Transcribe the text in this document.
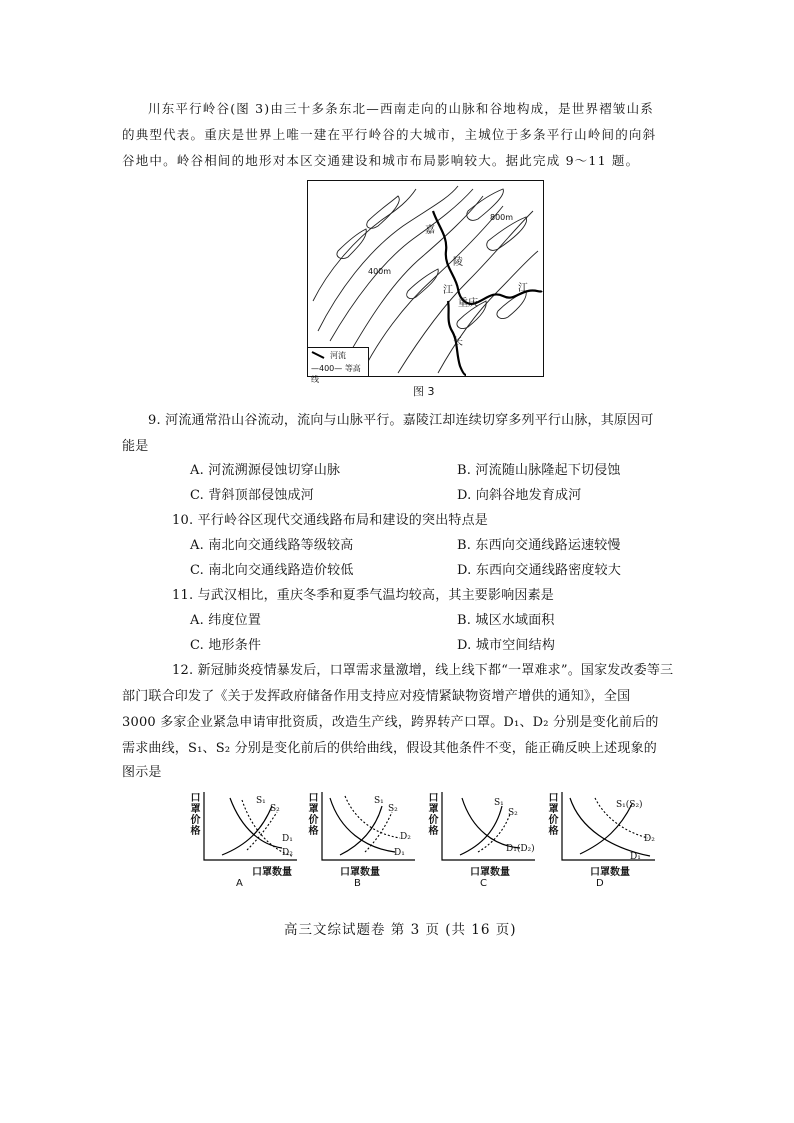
川东平行岭谷(图 3)由三十多条东北—西南走向的山脉和谷地构成，是世界褶皱山系
的典型代表。重庆是世界上唯一建在平行岭谷的大城市，主城位于多条平行山岭间的向斜
谷地中。岭谷相间的地形对本区交通建设和城市布局影响较大。据此完成 9～11 题。
嘉
陵
江
重庆
长
江
400m
800m
河流
—400— 等高线
图 3
9. 河流通常沿山谷流动，流向与山脉平行。嘉陵江却连续切穿多列平行山脉，其原因可
能是
A. 河流溯源侵蚀切穿山脉	B. 河流随山脉隆起下切侵蚀
C. 背斜顶部侵蚀成河	D. 向斜谷地发育成河
10. 平行岭谷区现代交通线路布局和建设的突出特点是
A. 南北向交通线路等级较高	B. 东西向交通线路运速较慢
C. 南北向交通线路造价较低	D. 东西向交通线路密度较大
11. 与武汉相比，重庆冬季和夏季气温均较高，其主要影响因素是
A. 纬度位置	B. 城区水域面积
C. 地形条件	D. 城市空间结构
12. 新冠肺炎疫情暴发后，口罩需求量激增，线上线下都“一罩难求”。国家发改委等三
部门联合印发了《关于发挥政府储备作用支持应对疫情紧缺物资增产增供的通知》，全国
3000 多家企业紧急申请审批资质，改造生产线，跨界转产口罩。D₁、D₂ 分别是变化前后的
需求曲线，S₁、S₂ 分别是变化前后的供给曲线，假设其他条件不变，能正确反映上述现象的
图示是
口罩价格	S₁
S₂
D₁
D₂
口罩数量
A
口罩价格	S₁
S₂
D₂
D₁
口罩数量
B
口罩价格	S₁
S₂
D₁(D₂)
口罩数量
C
口罩价格	S₁(S₂)
D₂
D₁
口罩数量
D
高三文综试题卷 第 3 页 (共 16 页)
